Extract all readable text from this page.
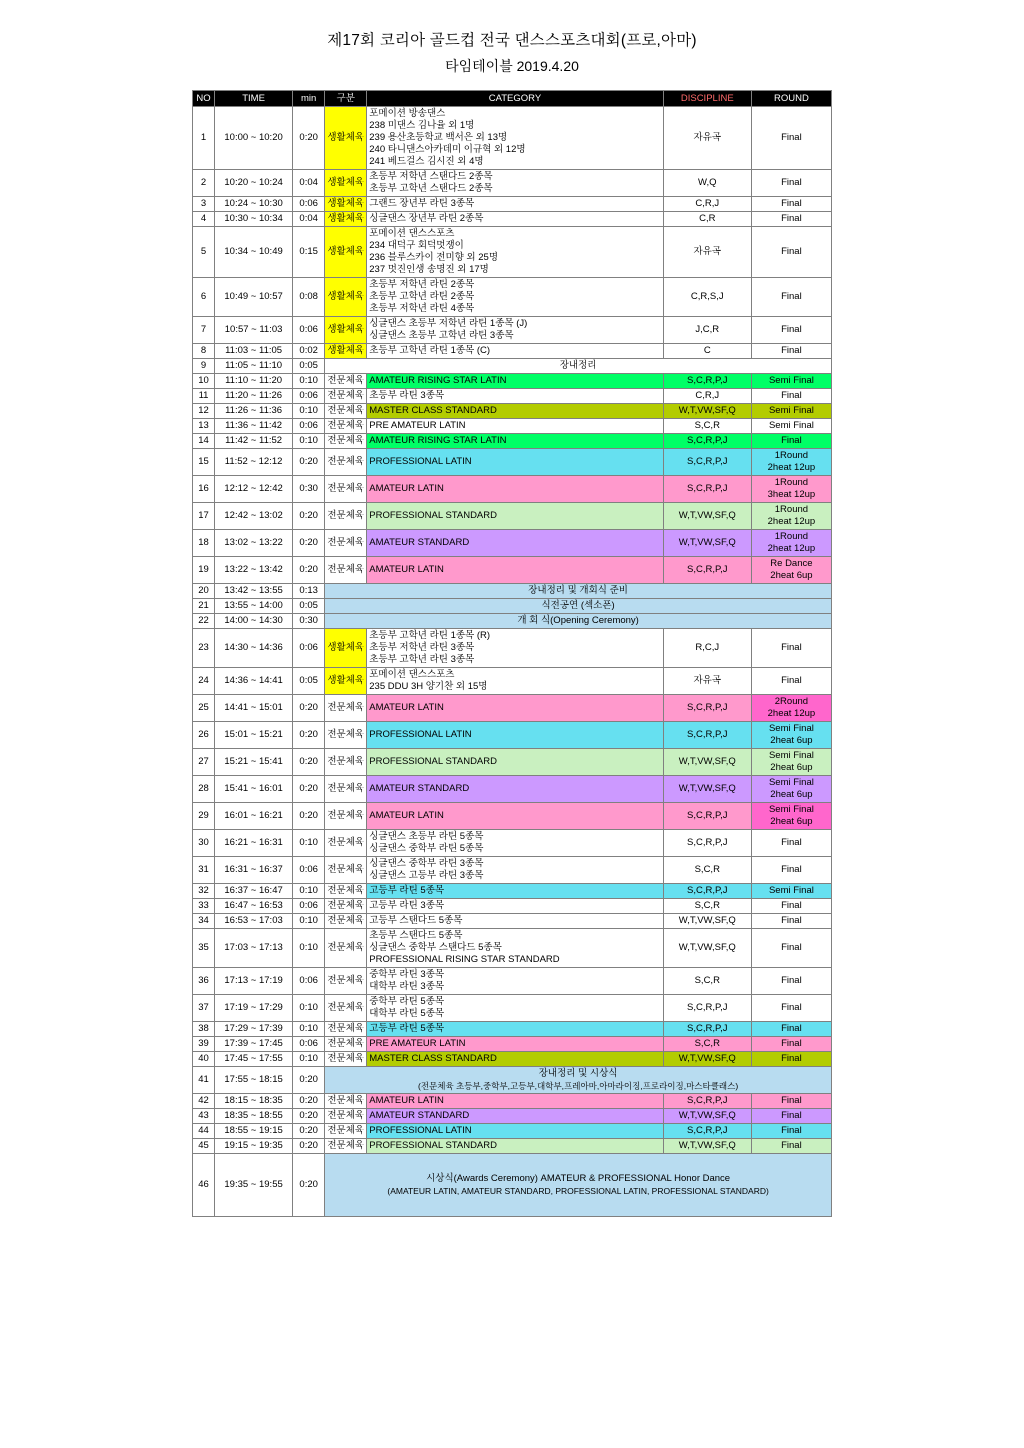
제17회 코리아 골드컵 전국 댄스스포츠대회(프로,아마)
타임테이블 2019.4.20
NO	TIME	min	구분	CATEGORY	DISCIPLINE	ROUND
1	10:00 ~ 10:20	0:20	생활체육	포메이션 방송댄스
238 미댄스 김나율 외 1명
239 용산초등학교 백서은 외 13명
240 타니댄스아카데미 이규혁 외 12명
241 베드걸스 김시진 외 4명	자유곡	Final
2	10:20 ~ 10:24	0:04	생활체육	초등부 저학년 스탠다드 2종목
초등부 고학년 스탠다드 2종목	W,Q	Final
3	10:24 ~ 10:30	0:06	생활체육	그랜드 장년부 라틴 3종목	C,R,J	Final
4	10:30 ~ 10:34	0:04	생활체육	싱글댄스 장년부 라틴 2종목	C,R	Final
5	10:34 ~ 10:49	0:15	생활체육	포메이션 댄스스포츠
234 대덕구 회덕멋쟁이
236 블루스카이 전미향 외 25명
237 멋진인생 송명진 외 17명	자유곡	Final
6	10:49 ~ 10:57	0:08	생활체육	초등부 저학년 라틴 2종목
초등부 고학년 라틴 2종목
초등부 저학년 라틴 4종목	C,R,S,J	Final
7	10:57 ~ 11:03	0:06	생활체육	싱글댄스 초등부 저학년 라틴 1종목 (J)
싱글댄스 초등부 고학년 라틴 3종목	J,C,R	Final
8	11:03 ~ 11:05	0:02	생활체육	초등부 고학년 라틴 1종목 (C)	C	Final
9	11:05 ~ 11:10	0:05	장내정리			

10	11:10 ~ 11:20	0:10	전문체육	AMATEUR RISING STAR LATIN	S,C,R,P,J	Semi Final
11	11:20 ~ 11:26	0:06	전문체육	초등부 라틴 3종목	C,R,J	Final
12	11:26 ~ 11:36	0:10	전문체육	MASTER CLASS STANDARD	W,T,VW,SF,Q	Semi Final
13	11:36 ~ 11:42	0:06	전문체육	PRE AMATEUR LATIN	S,C,R	Semi Final
14	11:42 ~ 11:52	0:10	전문체육	AMATEUR RISING STAR LATIN	S,C,R,P,J	Final
15	11:52 ~ 12:12	0:20	전문체육	PROFESSIONAL LATIN	S,C,R,P,J	1Round
2heat 12up

16	12:12 ~ 12:42	0:30	전문체육	AMATEUR LATIN	S,C,R,P,J	1Round
3heat 12up

17	12:42 ~ 13:02	0:20	전문체육	PROFESSIONAL STANDARD	W,T,VW,SF,Q	1Round
2heat 12up

18	13:02 ~ 13:22	0:20	전문체육	AMATEUR STANDARD	W,T,VW,SF,Q	1Round
2heat 12up

19	13:22 ~ 13:42	0:20	전문체육	AMATEUR LATIN	S,C,R,P,J	Re Dance
2heat 6up

20	13:42 ~ 13:55	0:13	장내정리 및 개회식 준비			

21	13:55 ~ 14:00	0:05	식전공연 (섹소폰)			

22	14:00 ~ 14:30	0:30	개 회 식(Opening Ceremony)			

23	14:30 ~ 14:36	0:06	생활체육	초등부 고학년 라틴 1종목 (R)
초등부 저학년 라틴 3종목
초등부 고학년 라틴 3종목	R,C,J	Final
24	14:36 ~ 14:41	0:05	생활체육	포메이션 댄스스포츠
235 DDU 3H 양기찬 외 15명	자유곡	Final
25	14:41 ~ 15:01	0:20	전문체육	AMATEUR LATIN	S,C,R,P,J	2Round
2heat 12up

26	15:01 ~ 15:21	0:20	전문체육	PROFESSIONAL LATIN	S,C,R,P,J	Semi Final
2heat 6up

27	15:21 ~ 15:41	0:20	전문체육	PROFESSIONAL STANDARD	W,T,VW,SF,Q	Semi Final
2heat 6up

28	15:41 ~ 16:01	0:20	전문체육	AMATEUR STANDARD	W,T,VW,SF,Q	Semi Final
2heat 6up

29	16:01 ~ 16:21	0:20	전문체육	AMATEUR LATIN	S,C,R,P,J	Semi Final
2heat 6up

30	16:21 ~ 16:31	0:10	전문체육	싱글댄스 초등부 라틴 5종목
싱글댄스 중학부 라틴 5종목	S,C,R,P,J	Final
31	16:31 ~ 16:37	0:06	전문체육	싱글댄스 중학부 라틴 3종목
싱글댄스 고등부 라틴 3종목	S,C,R	Final
32	16:37 ~ 16:47	0:10	전문체육	고등부 라틴 5종목	S,C,R,P,J	Semi Final
33	16:47 ~ 16:53	0:06	전문체육	고등부 라틴 3종목	S,C,R	Final
34	16:53 ~ 17:03	0:10	전문체육	고등부 스탠다드 5종목	W,T,VW,SF,Q	Final
35	17:03 ~ 17:13	0:10	전문체육	초등부 스탠다드 5종목
싱글댄스 중학부 스탠다드 5종목
PROFESSIONAL RISING STAR STANDARD	W,T,VW,SF,Q	Final
36	17:13 ~ 17:19	0:06	전문체육	중학부 라틴 3종목
대학부 라틴 3종목	S,C,R	Final
37	17:19 ~ 17:29	0:10	전문체육	중학부 라틴 5종목
대학부 라틴 5종목	S,C,R,P,J	Final
38	17:29 ~ 17:39	0:10	전문체육	고등부 라틴 5종목	S,C,R,P,J	Final
39	17:39 ~ 17:45	0:06	전문체육	PRE AMATEUR LATIN	S,C,R	Final
40	17:45 ~ 17:55	0:10	전문체육	MASTER CLASS STANDARD	W,T,VW,SF,Q	Final
41	17:55 ~ 18:15	0:20	장내정리 및 시상식
(전문체육 초등부,중학부,고등부,대학부,프레아마,아마라이징,프로라이징,마스타클래스)			

42	18:15 ~ 18:35	0:20	전문체육	AMATEUR LATIN	S,C,R,P,J	Final
43	18:35 ~ 18:55	0:20	전문체육	AMATEUR STANDARD	W,T,VW,SF,Q	Final
44	18:55 ~ 19:15	0:20	전문체육	PROFESSIONAL LATIN	S,C,R,P,J	Final
45	19:15 ~ 19:35	0:20	전문체육	PROFESSIONAL STANDARD	W,T,VW,SF,Q	Final
46	19:35 ~ 19:55	0:20	시상식(Awards Ceremony) AMATEUR & PROFESSIONAL Honor Dance
(AMATEUR LATIN, AMATEUR STANDARD, PROFESSIONAL LATIN, PROFESSIONAL STANDARD)			
